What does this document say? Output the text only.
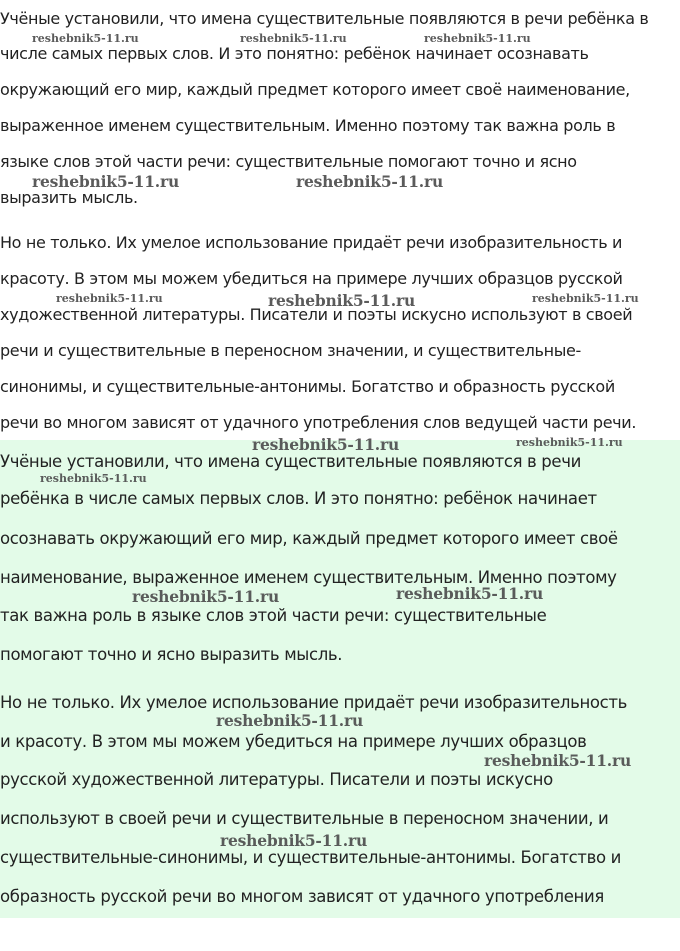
Учёные установили, что имена существительные появляются в речи ребёнка в
числе самых первых слов. И это понятно: ребёнок начинает осознавать
окружающий его мир, каждый предмет которого имеет своё наименование,
выраженное именем существительным. Именно поэтому так важна роль в
языке слов этой части речи: существительные помогают точно и ясно
выразить мысль.
Но не только. Их умелое использование придаёт речи изобразительность и
красоту. В этом мы можем убедиться на примере лучших образцов русской
художественной литературы. Писатели и поэты искусно используют в своей
речи и существительные в переносном значении, и существительные-
синонимы, и существительные-антонимы. Богатство и образность русской
речи во многом зависят от удачного употребления слов ведущей части речи.
Учёные установили, что имена существительные появляются в речи
ребёнка в числе самых первых слов. И это понятно: ребёнок начинает
осознавать окружающий его мир, каждый предмет которого имеет своё
наименование, выраженное именем существительным. Именно поэтому
так важна роль в языке слов этой части речи: существительные
помогают точно и ясно выразить мысль.
Но не только. Их умелое использование придаёт речи изобразительность
и красоту. В этом мы можем убедиться на примере лучших образцов
русской художественной литературы. Писатели и поэты искусно
используют в своей речи и существительные в переносном значении, и
существительные-синонимы, и существительные-антонимы. Богатство и
образность русской речи во многом зависят от удачного употребления
reshebnik5-11.ru	reshebnik5-11.ru	reshebnik5-11.ru
reshebnik5-11.ru	reshebnik5-11.ru
reshebnik5-11.ru	reshebnik5-11.ru	reshebnik5-11.ru
reshebnik5-11.ru	reshebnik5-11.ru
reshebnik5-11.ru
reshebnik5-11.ru	reshebnik5-11.ru
reshebnik5-11.ru
reshebnik5-11.ru
reshebnik5-11.ru
